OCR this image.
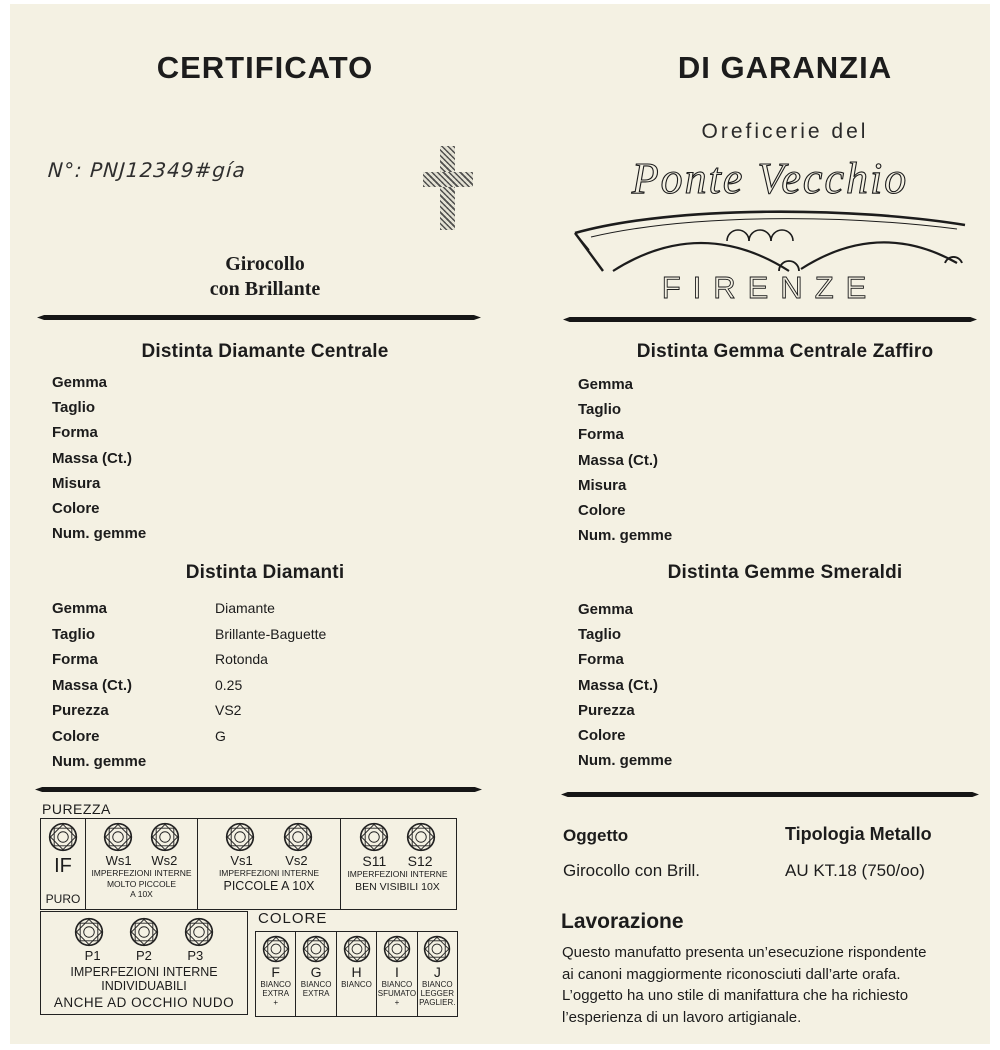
CERTIFICATO
N°: PNJ12349#gía
Girocollo
con Brillante
Distinta Diamante Centrale
Gemma
Taglio
Forma
Massa (Ct.)
Misura
Colore
Num. gemme
Distinta Diamanti
Gemma	Diamante
Taglio	Brillante-Baguette
Forma	Rotonda
Massa (Ct.)	0.25
Purezza	VS2
Colore	G
Num. gemme
PUREZZA
IF
PURO
Ws1 Ws2
IMPERFEZIONI INTERNE
MOLTO PICCOLE
A 10X
Vs1 Vs2
IMPERFEZIONI INTERNE
PICCOLE A 10X
S11 S12
IMPERFEZIONI INTERNE
BEN VISIBILI 10X
P1	P2	P3
IMPERFEZIONI INTERNE
INDIVIDUABILI
ANCHE AD OCCHIO NUDO
COLORE
F
BIANCO
EXTRA
+
G
BIANCO
EXTRA
H
BIANCO
I
BIANCO
SFUMATO
+
J
BIANCO
LEGGER
PAGLIER.
DI GARANZIA
Oreficerie del
Ponte Vecchio
FIRENZE
Distinta Gemma Centrale Zaffiro
Gemma
Taglio
Forma
Massa (Ct.)
Misura
Colore
Num. gemme
Distinta Gemme Smeraldi
Gemma
Taglio
Forma
Massa (Ct.)
Purezza
Colore
Num. gemme
Oggetto	Tipologia Metallo
Girocollo con Brill.	AU KT.18 (750/oo)
Lavorazione
Questo manufatto presenta un’esecuzione rispondente
ai canoni maggiormente riconosciuti dall’arte orafa.
L’oggetto ha uno stile di manifattura che ha richiesto
l’esperienza di un lavoro artigianale.
